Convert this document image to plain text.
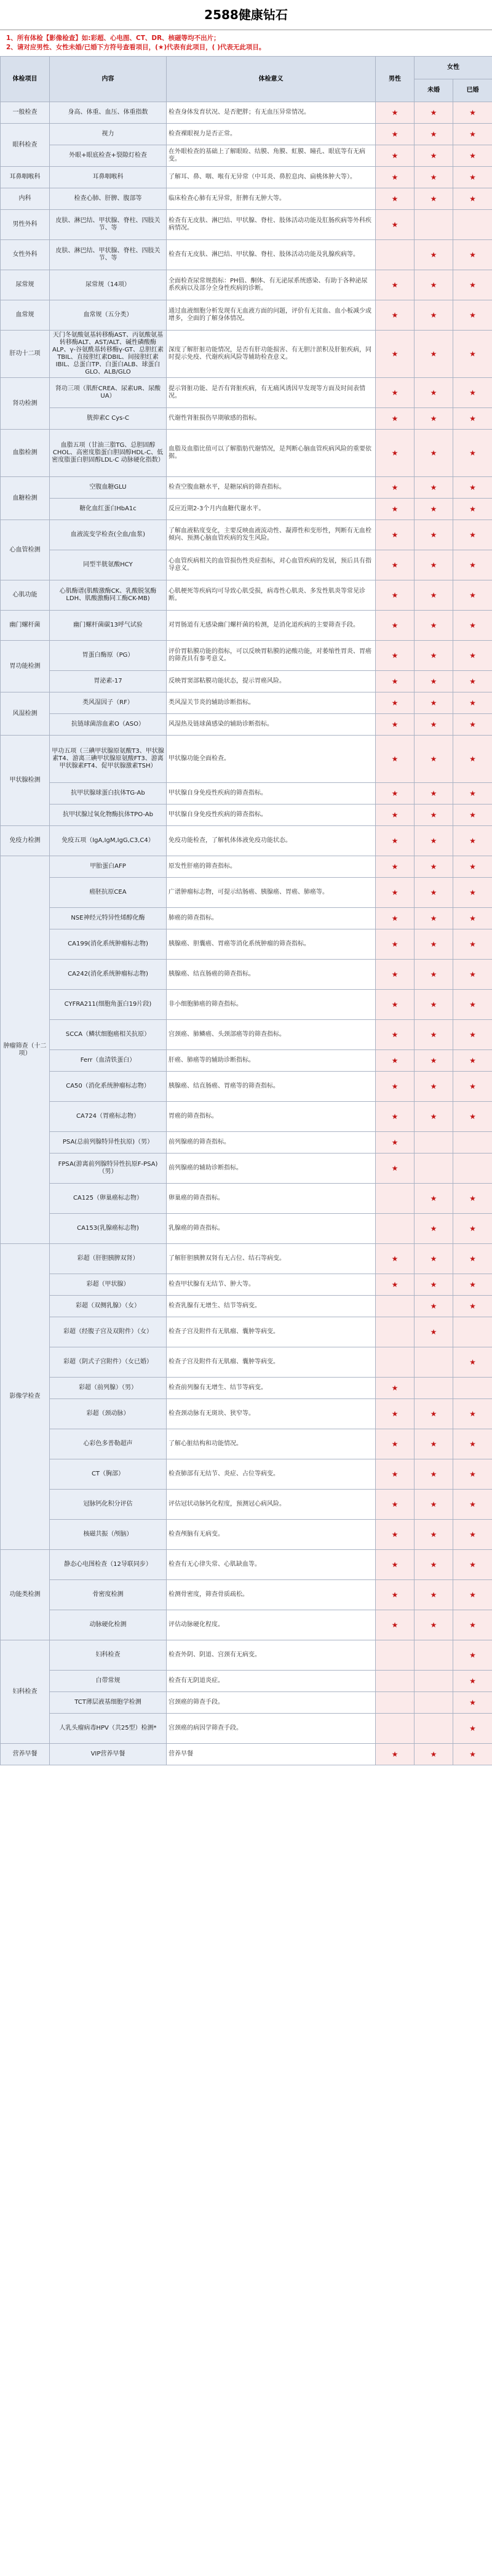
2588健康钻石
1、所有体检【影像检查】如:彩超、心电图、CT、DR、核磁等均不出片；
2、请对应男性、女性未婚/已婚下方符号查看项目，(★)代表有此项目，( )代表无此项目。
体检项目	内容	体检意义	男性	女性	
				未婚	已婚
一般检查	身高、体重、血压、体重指数	检查身体发育状况、是否肥胖；有无血压异常情况。	★	★	★
眼科检查	视力	检查裸眼视力是否正常。	★	★	★
	外眼+眼底检查+裂隙灯检查	在外眼检查的基础上了解眼睑、结膜、角膜、虹膜、瞳孔、眼底等有无病变。	★	★	★
耳鼻咽喉科	耳鼻咽喉科	了解耳、鼻、咽、喉有无异常（中耳炎、鼻腔息肉、扁桃体肿大等）。	★	★	★
内科	检查心肺、肝脾、腹部等	临床检查心肺有无异常，肝脾有无肿大等。	★	★	★
男性外科	皮肤、淋巴结、甲状腺、脊柱、四肢关节、等	检查有无皮肤、淋巴结、甲状腺、脊柱、肢体活动功能及肛肠疾病等外科疾病情况。	★		
女性外科	皮肤、淋巴结、甲状腺、脊柱、四肢关节、等	检查有无皮肤、淋巴结、甲状腺、脊柱、肢体活动功能及乳腺疾病等。		★	★
尿常规	尿常规（14项）	全面检查尿常规指标：PH值、酮体、有无泌尿系统感染、有助于各种泌尿系疾病以及部分全身性疾病的诊断。	★	★	★
血常规	血常规（五分类）	通过血液细胞分析发现有无血液方面的问题，评价有无贫血、血小板减少或增多，全面的了解身体情况。	★	★	★
肝功十二项	天门冬氨酸氨基转移酶AST、丙氨酸氨基转移酶ALT、AST/ALT、碱性磷酸酶ALP、γ-谷氨酰基转移酶γ-GT、总胆红素TBIL、直接胆红素DBIL、间接胆红素IBIL、总蛋白TP、白蛋白ALB、球蛋白GLO、ALB/GLO	深度了解肝脏功能情况，是否有肝功能损害、有无胆汁淤积及肝脏疾病，同时提示免疫、代谢疾病风险等辅助检查意义。	★	★	★
肾功检测	肾功三项（肌酐CREA、尿素UR、尿酸UA）	提示肾脏功能、是否有肾脏疾病，有无痛风诱因早发现等方面及时间表情况。	★	★	★
	胱抑素C Cys-C	代谢性肾脏损伤早期敏感的指标。	★	★	★
血脂检测	血脂五项（甘油三脂TG、总胆固醇CHOL、高密度脂蛋白胆固醇HDL-C、低密度脂蛋白胆固醇LDL-C 动脉硬化指数）	血脂及血脂比值可以了解脂肪代谢情况，是判断心脑血管疾病风险的重要依据。	★	★	★
血糖检测	空腹血糖GLU	检查空腹血糖水平，是糖尿病的筛查指标。	★	★	★
	糖化血红蛋白HbA1c	反应近期2-3个月内血糖代谢水平。	★	★	★
心血管检测	血液流变学检查(全血/血浆)	了解血液粘度变化，主要反映血液流动性、凝滞性和变形性，判断有无血栓倾向、预测心脑血管疾病的发生风险。	★	★	★
	同型半胱氨酸HCY	心血管疾病相关的血管损伤性炎症指标，对心血管疾病的发展，预后具有指导意义。	★	★	★
心肌功能	心肌酶谱(肌酸激酶CK、乳酸脱氢酶LDH、肌酸激酶同工酶CK-MB)	心肌梗死等疾病均可导致心肌受损，病毒性心肌炎、多发性肌炎等常见诊断。	★	★	★
幽门螺杆菌	幽门螺杆菌碳13呼气试验	对胃肠道有无感染幽门螺杆菌的检测，是消化道疾病的主要筛查手段。	★	★	★
胃功能检测	胃蛋白酶原（PG）	评价胃粘膜功能的指标，可以反映胃粘膜的泌酸功能，对萎缩性胃炎、胃癌的筛查具有参考意义。	★	★	★
	胃泌素-17	反映胃窦部粘膜功能状态，提示胃癌风险。	★	★	★
风湿检测	类风湿因子（RF）	类风湿关节炎的辅助诊断指标。	★	★	★
	抗链球菌溶血素O（ASO）	风湿热及链球菌感染的辅助诊断指标。	★	★	★
甲状腺检测	甲功五项（三碘甲状腺原氨酸T3、甲状腺素T4、游离三碘甲状腺原氨酸FT3、游离甲状腺素FT4、促甲状腺激素TSH）	甲状腺功能全面检查。	★	★	★
	抗甲状腺球蛋白抗体TG-Ab	甲状腺自身免疫性疾病的筛查指标。	★	★	★
	抗甲状腺过氧化物酶抗体TPO-Ab	甲状腺自身免疫性疾病的筛查指标。	★	★	★
免疫力检测	免疫五项（IgA,IgM,IgG,C3,C4）	免疫功能检查，了解机体体液免疫功能状态。	★	★	★
肿瘤筛查（十二项）	甲胎蛋白AFP	原发性肝癌的筛查指标。	★	★	★
	癌胚抗原CEA	广谱肿瘤标志物，可提示结肠癌、胰腺癌、胃癌、肺癌等。	★	★	★
	NSE神经元特异性烯醇化酶	肺癌的筛查指标。	★	★	★
	CA199(消化系统肿瘤标志物)	胰腺癌、胆囊癌、胃癌等消化系统肿瘤的筛查指标。	★	★	★
	CA242(消化系统肿瘤标志物)	胰腺癌、结直肠癌的筛查指标。	★	★	★
	CYFRA211(细胞角蛋白19片段)	非小细胞肺癌的筛查指标。	★	★	★
	SCCA（鳞状细胞癌相关抗原）	宫颈癌、肺鳞癌、头颈部癌等的筛查指标。	★	★	★
	Ferr（血清铁蛋白）	肝癌、肺癌等的辅助诊断指标。	★	★	★
	CA50（消化系统肿瘤标志物）	胰腺癌、结直肠癌、胃癌等的筛查指标。	★	★	★
	CA724（胃癌标志物）	胃癌的筛查指标。	★	★	★
	PSA(总前列腺特异性抗原)（男）	前列腺癌的筛查指标。	★		
	FPSA(游离前列腺特异性抗原F-PSA)（男）	前列腺癌的辅助诊断指标。	★		
	CA125（卵巢癌标志物）	卵巢癌的筛查指标。		★	★
	CA153(乳腺癌标志物)	乳腺癌的筛查指标。		★	★
影像学检查	彩超（肝胆胰脾双肾）	了解肝胆胰脾双肾有无占位、结石等病变。	★	★	★
	彩超（甲状腺）	检查甲状腺有无结节、肿大等。	★	★	★
	彩超（双侧乳腺）（女）	检查乳腺有无增生、结节等病变。		★	★
	彩超（经腹子宫及双附件）（女）	检查子宫及附件有无肌瘤、囊肿等病变。		★	
	彩超（阴式子宫附件）（女已婚）	检查子宫及附件有无肌瘤、囊肿等病变。			★
	彩超（前列腺）（男）	检查前列腺有无增生、结节等病变。	★		
	彩超（颈动脉）	检查颈动脉有无斑块、狭窄等。	★	★	★
	心彩色多普勒超声	了解心脏结构和功能情况。	★	★	★
	CT（胸部）	检查肺部有无结节、炎症、占位等病变。	★	★	★
	冠脉钙化积分评估	评估冠状动脉钙化程度，预测冠心病风险。	★	★	★
	核磁共振（颅脑）	检查颅脑有无病变。	★	★	★
功能类检测	静态心电图检查（12导联同步）	检查有无心律失常、心肌缺血等。	★	★	★
	骨密度检测	检测骨密度，筛查骨质疏松。	★	★	★
	动脉硬化检测	评估动脉硬化程度。	★	★	★
妇科检查	妇科检查	检查外阴、阴道、宫颈有无病变。			★
	白带常规	检查有无阴道炎症。			★
	TCT薄层液基细胞学检测	宫颈癌的筛查手段。			★
	人乳头瘤病毒HPV（共25型）检测*	宫颈癌的病因学筛查手段。			★
营养早餐	VIP营养早餐	营养早餐	★	★	★
